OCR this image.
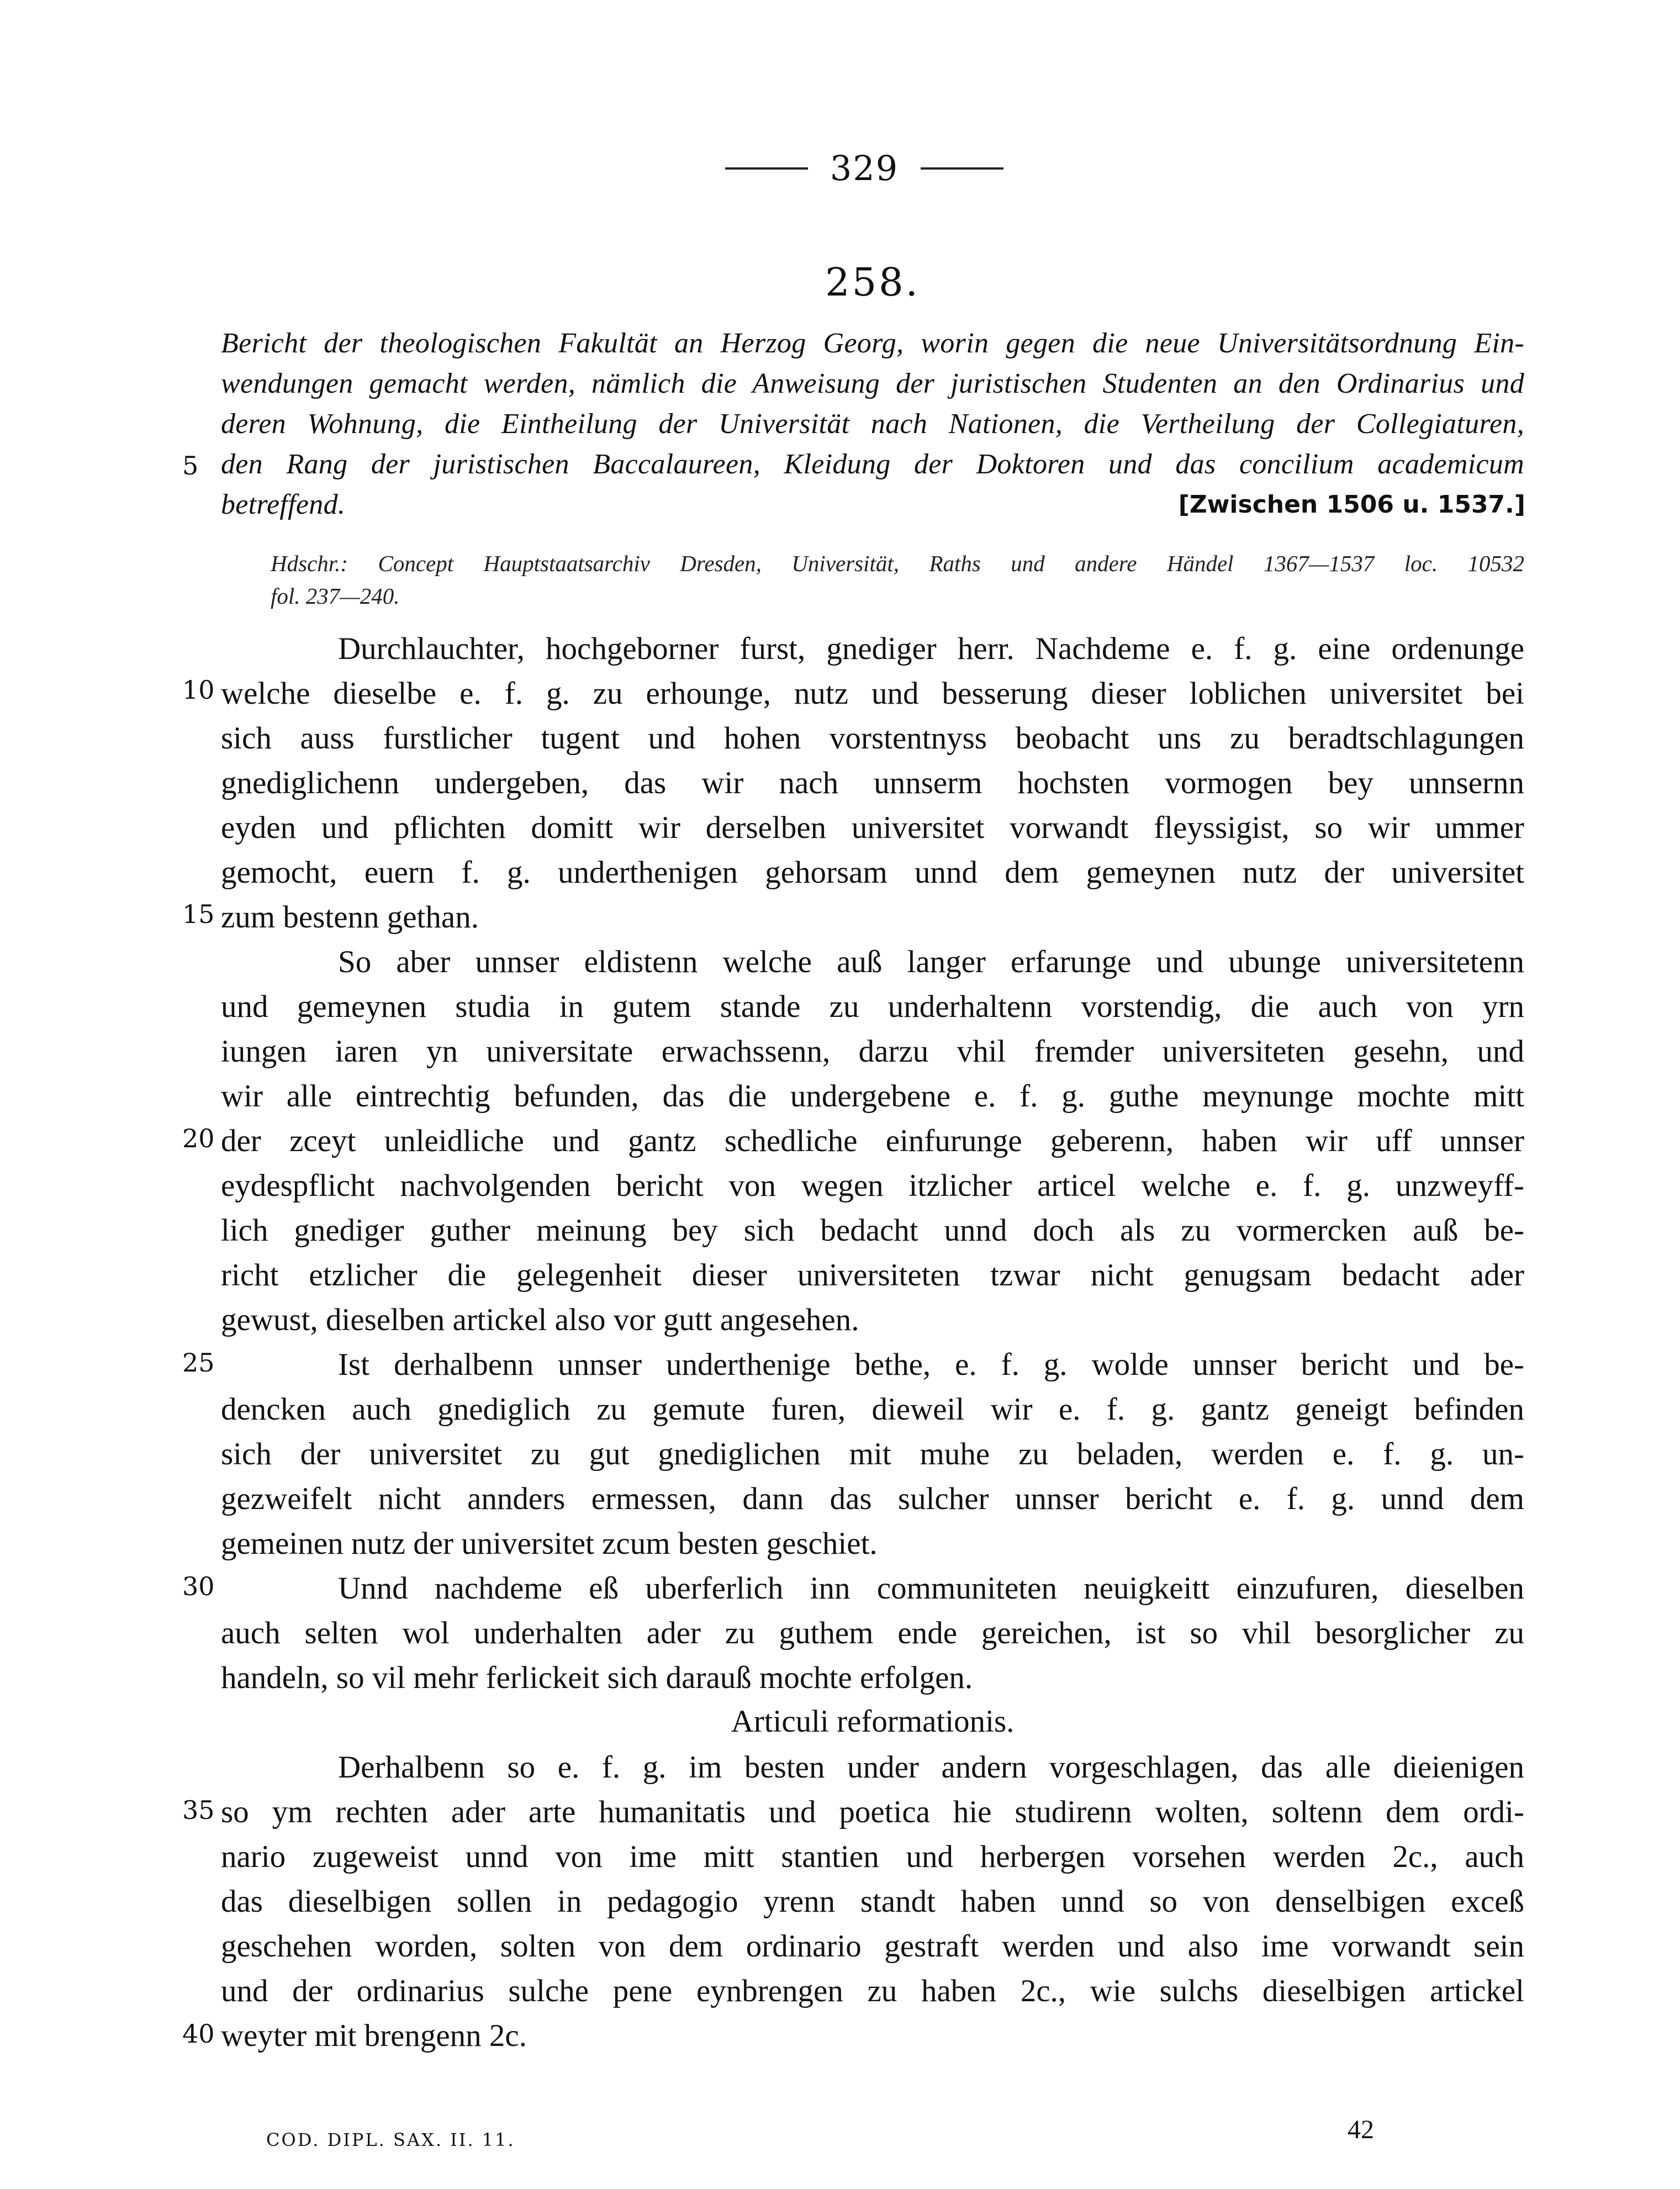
329
258.
Bericht der theologischen Fakultät an Herzog Georg, worin gegen die neue Universitätsordnung Ein-
wendungen gemacht werden, nämlich die Anweisung der juristischen Studenten an den Ordinarius und
deren Wohnung, die Eintheilung der Universität nach Nationen, die Vertheilung der Collegiaturen,
5 den Rang der juristischen Baccalaureen, Kleidung der Doktoren und das concilium academicum
betreffend.	[Zwischen 1506 u. 1537.]
Hdschr.: Concept Hauptstaatsarchiv Dresden, Universität, Raths und andere Händel 1367—1537 loc. 10532
fol. 237—240.
Durchlauchter, hochgeborner furst, gnediger herr. Nachdeme e. f. g. eine ordenunge
10 welche dieselbe e. f. g. zu erhounge, nutz und besserung dieser loblichen universitet bei
sich auss furstlicher tugent und hohen vorstentnyss beobacht uns zu beradtschlagungen
gnediglichenn undergeben, das wir nach unnserm hochsten vormogen bey unnsernn
eyden und pflichten domitt wir derselben universitet vorwandt fleyssigist, so wir ummer
gemocht, euern f. g. underthenigen gehorsam unnd dem gemeynen nutz der universitet
15 zum bestenn gethan.
So aber unnser eldistenn welche auß langer erfarunge und ubunge universitetenn
und gemeynen studia in gutem stande zu underhaltenn vorstendig, die auch von yrn
iungen iaren yn universitate erwachssenn, darzu vhil fremder universiteten gesehn, und
wir alle eintrechtig befunden, das die undergebene e. f. g. guthe meynunge mochte mitt
20 der zceyt unleidliche und gantz schedliche einfurunge geberenn, haben wir uff unnser
eydespflicht nachvolgenden bericht von wegen itzlicher articel welche e. f. g. unzweyff-
lich gnediger guther meinung bey sich bedacht unnd doch als zu vormercken auß be-
richt etzlicher die gelegenheit dieser universiteten tzwar nicht genugsam bedacht ader
gewust, dieselben artickel also vor gutt angesehen.
25	Ist derhalbenn unnser underthenige bethe, e. f. g. wolde unnser bericht und be-
dencken auch gnediglich zu gemute furen, dieweil wir e. f. g. gantz geneigt befinden
sich der universitet zu gut gnediglichen mit muhe zu beladen, werden e. f. g. un-
gezweifelt nicht annders ermessen, dann das sulcher unnser bericht e. f. g. unnd dem
gemeinen nutz der universitet zcum besten geschiet.
30	Unnd nachdeme eß uberferlich inn communiteten neuigkeitt einzufuren, dieselben
auch selten wol underhalten ader zu guthem ende gereichen, ist so vhil besorglicher zu
handeln, so vil mehr ferlickeit sich darauß mochte erfolgen.
Articuli reformationis.
Derhalbenn so e. f. g. im besten under andern vorgeschlagen, das alle dieienigen
35 so ym rechten ader arte humanitatis und poetica hie studirenn wolten, soltenn dem ordi-
nario zugeweist unnd von ime mitt stantien und herbergen vorsehen werden 2c., auch
das dieselbigen sollen in pedagogio yrenn standt haben unnd so von denselbigen exceß
geschehen worden, solten von dem ordinario gestraft werden und also ime vorwandt sein
und der ordinarius sulche pene eynbrengen zu haben 2c., wie sulchs dieselbigen artickel
40 weyter mit brengenn 2c.
COD. DIPL. SAX. II. 11.	42
